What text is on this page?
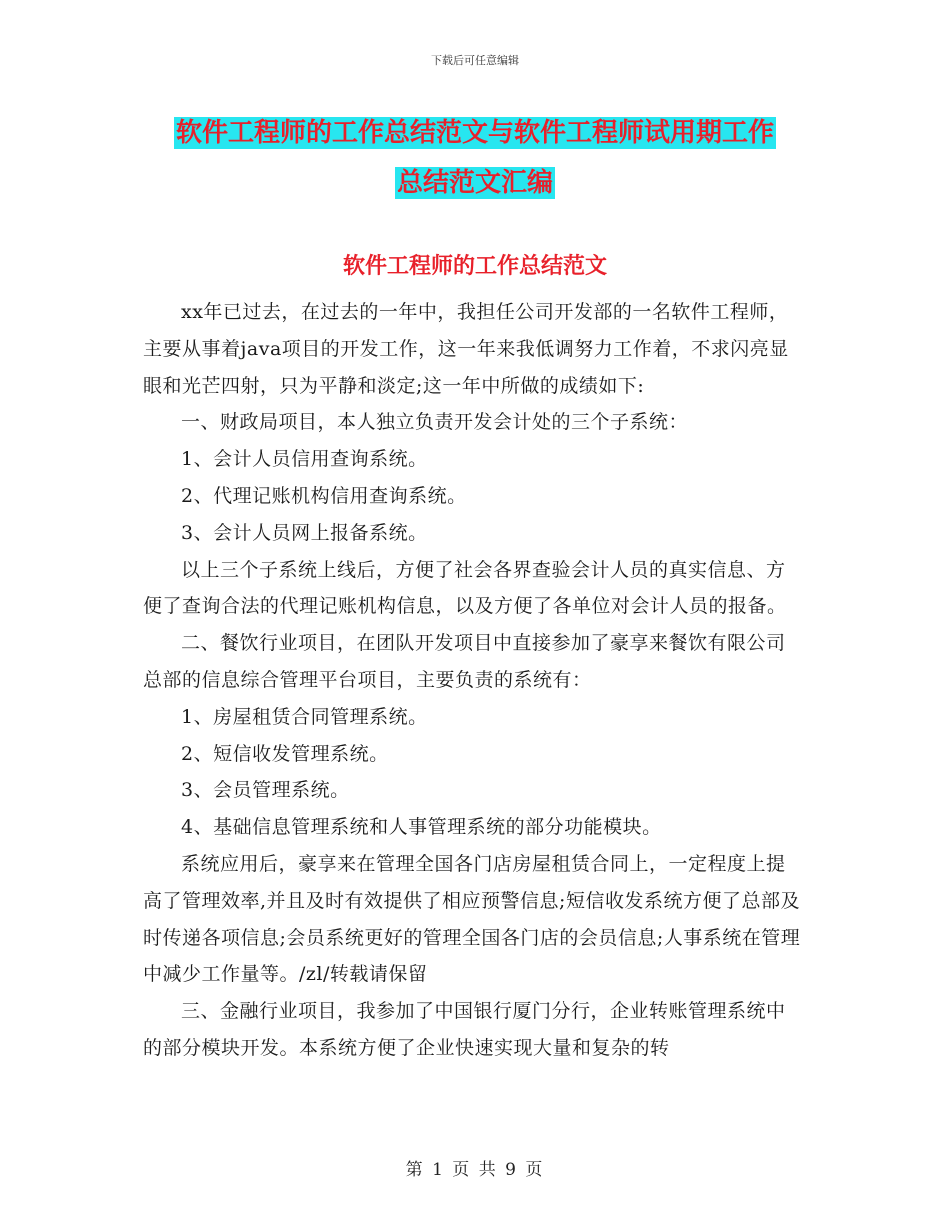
下载后可任意编辑
软件工程师的工作总结范文与软件工程师试用期工作
总结范文汇编
软件工程师的工作总结范文

xx年已过去，在过去的一年中，我担任公司开发部的一名软件工程师，主要从事着java项目的开发工作，这一年来我低调努力工作着，不求闪亮显眼和光芒四射，只为平静和淡定;这一年中所做的成绩如下:

一、财政局项目，本人独立负责开发会计处的三个子系统：

1、会计人员信用查询系统。

2、代理记账机构信用查询系统。

3、会计人员网上报备系统。

以上三个子系统上线后，方便了社会各界查验会计人员的真实信息、方便了查询合法的代理记账机构信息，以及方便了各单位对会计人员的报备。

二、餐饮行业项目，在团队开发项目中直接参加了豪享来餐饮有限公司总部的信息综合管理平台项目，主要负责的系统有：

1、房屋租赁合同管理系统。

2、短信收发管理系统。

3、会员管理系统。

4、基础信息管理系统和人事管理系统的部分功能模块。

系统应用后，豪享来在管理全国各门店房屋租赁合同上，一定程度上提高了管理效率,并且及时有效提供了相应预警信息;短信收发系统方便了总部及时传递各项信息;会员系统更好的管理全国各门店的会员信息;人事系统在管理中减少工作量等。/zl/转载请保留

三、金融行业项目，我参加了中国银行厦门分行，企业转账管理系统中的部分模块开发。本系统方便了企业快速实现大量和复杂的转

第 1 页 共 9 页
